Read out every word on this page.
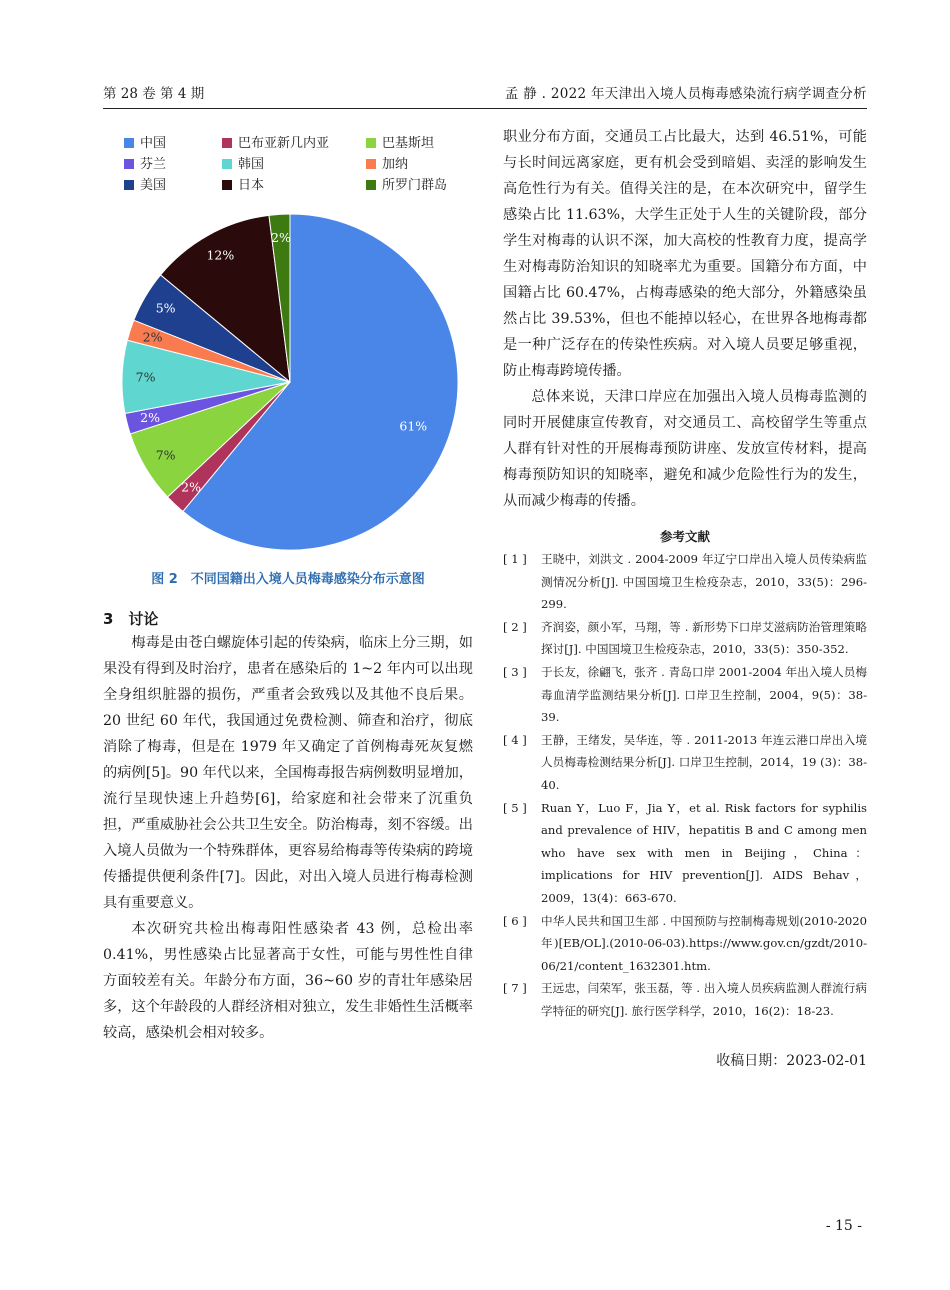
第 28 卷 第 4 期	孟 静 . 2022 年天津出入境人员梅毒感染流行病学调查分析
中国	巴布亚新几内亚	巴基斯坦
芬兰	韩国	加纳
美国	日本	所罗门群岛
61%
2%
7%
2%
7%
2%
5%
12%
2%
图 2　不同国籍出入境人员梅毒感染分布示意图
3　讨论

梅毒是由苍白螺旋体引起的传染病，临床上分三期，如果没有得到及时治疗，患者在感染后的 1~2 年内可以出现全身组织脏器的损伤，严重者会致残以及其他不良后果。20 世纪 60 年代，我国通过免费检测、筛查和治疗，彻底消除了梅毒，但是在 1979 年又确定了首例梅毒死灰复燃的病例[5]。90 年代以来，全国梅毒报告病例数明显增加，流行呈现快速上升趋势[6]，给家庭和社会带来了沉重负担，严重威胁社会公共卫生安全。防治梅毒，刻不容缓。出入境人员做为一个特殊群体，更容易给梅毒等传染病的跨境传播提供便利条件[7]。因此，对出入境人员进行梅毒检测具有重要意义。

本次研究共检出梅毒阳性感染者 43 例，总检出率 0.41%，男性感染占比显著高于女性，可能与男性性自律方面较差有关。年龄分布方面，36~60 岁的青壮年感染居多，这个年龄段的人群经济相对独立，发生非婚性生活概率较高，感染机会相对较多。

职业分布方面，交通员工占比最大，达到 46.51%，可能与长时间远离家庭，更有机会受到暗娼、卖淫的影响发生高危性行为有关。值得关注的是，在本次研究中，留学生感染占比 11.63%，大学生正处于人生的关键阶段，部分学生对梅毒的认识不深，加大高校的性教育力度，提高学生对梅毒防治知识的知晓率尤为重要。国籍分布方面，中国籍占比 60.47%，占梅毒感染的绝大部分，外籍感染虽然占比 39.53%，但也不能掉以轻心，在世界各地梅毒都是一种广泛存在的传染性疾病。对入境人员要足够重视，防止梅毒跨境传播。

总体来说，天津口岸应在加强出入境人员梅毒监测的同时开展健康宣传教育，对交通员工、高校留学生等重点人群有针对性的开展梅毒预防讲座、发放宣传材料，提高梅毒预防知识的知晓率，避免和减少危险性行为的发生，从而减少梅毒的传播。

参考文献
[ 1 ]	王晓中，刘洪文 . 2004-2009 年辽宁口岸出入境人员传染病监测情况分析[J]. 中国国境卫生检疫杂志，2010，33(5)：296-299.
[ 2 ]	齐润姿，颜小军，马翔，等 . 新形势下口岸艾滋病防治管理策略探讨[J]. 中国国境卫生检疫杂志，2010，33(5)：350-352.
[ 3 ]	于长友，徐翩飞，张齐 . 青岛口岸 2001-2004 年出入境人员梅毒血清学监测结果分析[J]. 口岸卫生控制，2004，9(5)：38-39.
[ 4 ]	王静，王绪发，吴华连，等 . 2011-2013 年连云港口岸出入境人员梅毒检测结果分析[J]. 口岸卫生控制，2014，19 (3)：38-40.
[ 5 ]	Ruan Y，Luo F，Jia Y，et al. Risk factors for syphilis and prevalence of HIV，hepatitis B and C among men who have sex with men in Beijing，China：implications for HIV prevention[J]. AIDS Behav，2009，13(4)：663-670.
[ 6 ]	中华人民共和国卫生部 . 中国预防与控制梅毒规划(2010-2020 年)[EB/OL].(2010-06-03).https://www.gov.cn/gzdt/2010-06/21/content_1632301.htm.
[ 7 ]	王远忠，闫荣军，张玉磊，等 . 出入境人员疾病监测人群流行病学特征的研究[J]. 旅行医学科学，2010，16(2)：18-23.
收稿日期：2023-02-01
- 15 -
